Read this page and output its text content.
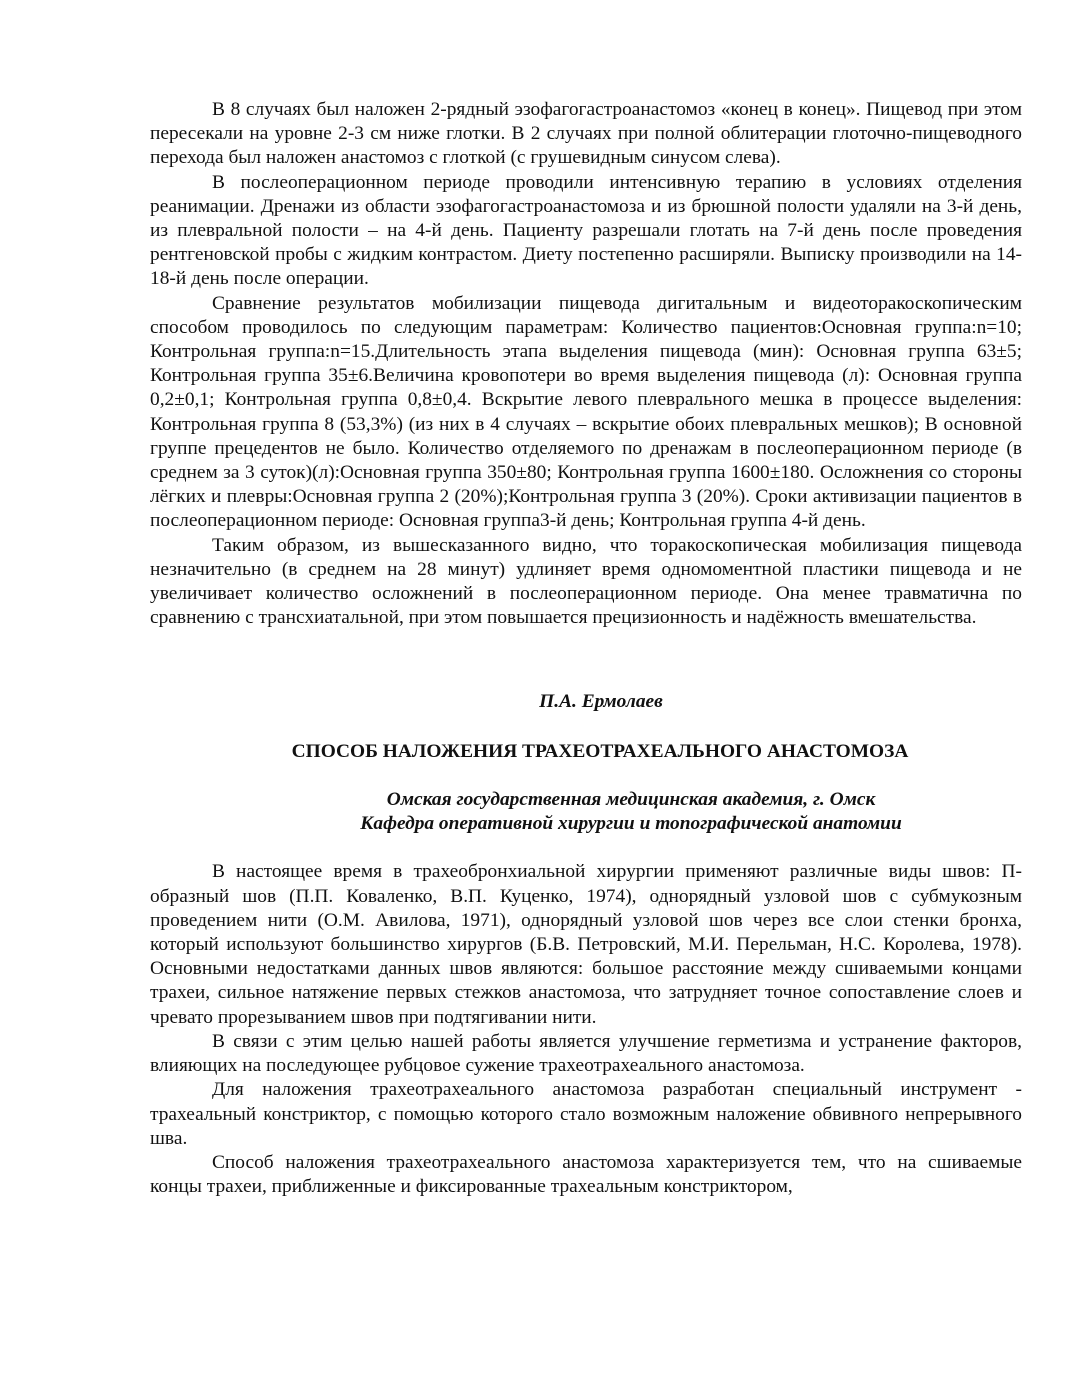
В 8 случаях был наложен 2-рядный эзофагогастроанастомоз «конец в конец». Пищевод при этом пересекали на уровне 2-3 см ниже глотки. В 2 случаях при полной облитерации глоточно-пищеводного перехода был наложен анастомоз с глоткой (с грушевидным синусом слева).

В послеоперационном периоде проводили интенсивную терапию в условиях отделения реанимации. Дренажи из области эзофагогастроанастомоза и из брюшной полости удаляли на 3-й день, из плевральной полости – на 4-й день. Пациенту разрешали глотать на 7-й день после проведения рентгеновской пробы с жидким контрастом. Диету постепенно расширяли. Выписку производили на 14-18-й день после операции.

Сравнение результатов мобилизации пищевода дигитальным и видеоторакоскопическим способом проводилось по следующим параметрам: Количество пациентов:Основная группа:n=10; Контрольная группа:n=15.Длительность этапа выделения пищевода (мин): Основная группа 63±5; Контрольная группа 35±6.Величина кровопотери во время выделения пищевода (л): Основная группа 0,2±0,1; Контрольная группа 0,8±0,4. Вскрытие левого плеврального мешка в процессе выделения: Контрольная группа 8 (53,3%) (из них в 4 случаях – вскрытие обоих плевральных мешков); В основной группе прецедентов не было. Количество отделяемого по дренажам в послеоперационном периоде (в среднем за 3 суток)(л):Основная группа 350±80; Контрольная группа 1600±180. Осложнения со стороны лёгких и плевры:Основная группа 2 (20%);Контрольная группа 3 (20%). Сроки активизации пациентов в послеоперационном периоде: Основная группа3-й день; Контрольная группа 4-й день.

Таким образом, из вышесказанного видно, что торакоскопическая мобилизация пищевода незначительно (в среднем на 28 минут) удлиняет время одномоментной пластики пищевода и не увеличивает количество осложнений в послеоперационном периоде. Она менее травматична по сравнению с трансхиатальной, при этом повышается прецизионность и надёжность вмешательства.

П.А. Ермолаев
СПОСОБ НАЛОЖЕНИЯ ТРАХЕОТРАХЕАЛЬНОГО АНАСТОМОЗА
Омская государственная медицинская академия, г. Омск
Кафедра оперативной хирургии и топографической анатомии

В настоящее время в трахеобронхиальной хирургии применяют различные виды швов: П-образный шов (П.П. Коваленко, В.П. Куценко, 1974), однорядный узловой шов с субмукозным проведением нити (О.М. Авилова, 1971), однорядный узловой шов через все слои стенки бронха, который используют большинство хирургов (Б.В. Петровский, М.И. Перельман, Н.С. Королева, 1978). Основными недостатками данных швов являются: большое расстояние между сшиваемыми концами трахеи, сильное натяжение первых стежков анастомоза, что затрудняет точное сопоставление слоев и чревато прорезыванием швов при подтягивании нити.

В связи с этим целью нашей работы является улучшение герметизма и устранение факторов, влияющих на последующее рубцовое сужение трахеотрахеального анастомоза.

Для наложения трахеотрахеального анастомоза разработан специальный инструмент - трахеальный констриктор, с помощью которого стало возможным наложение обвивного непрерывного шва.

Способ наложения трахеотрахеального анастомоза характеризуется тем, что на сшиваемые концы трахеи, приближенные и фиксированные трахеальным констриктором,
